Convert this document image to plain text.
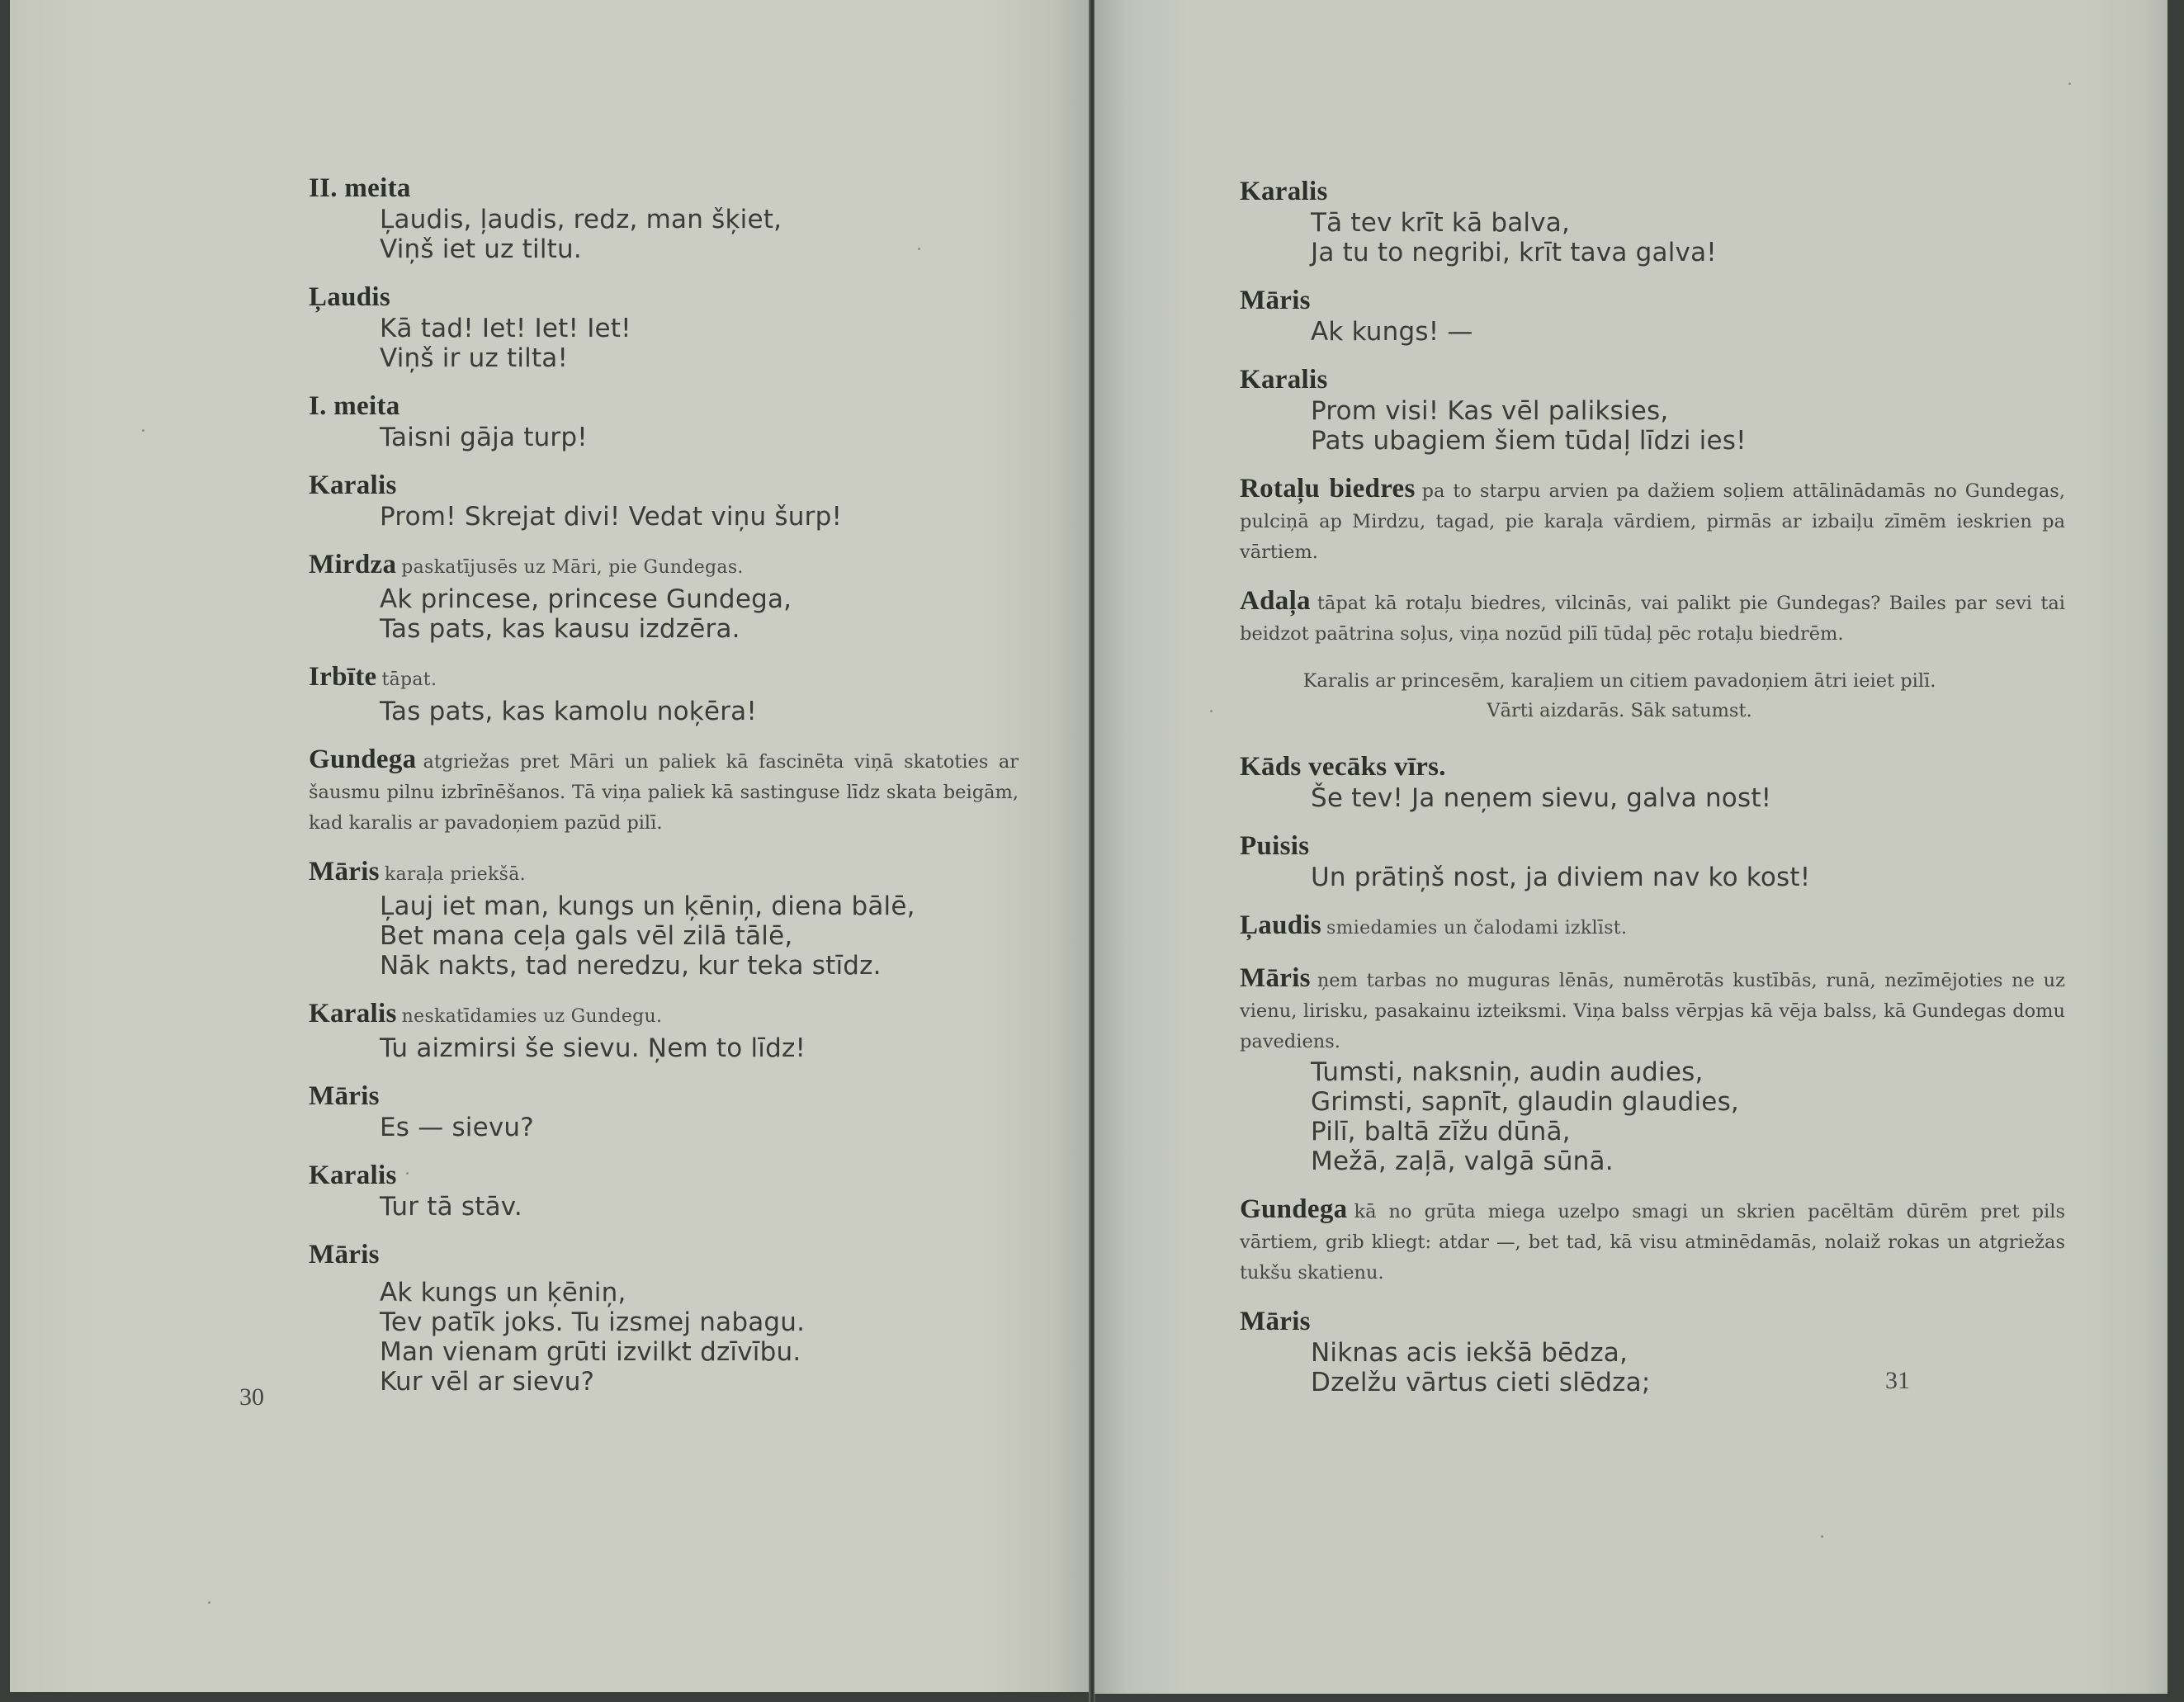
II. meita
Ļaudis, ļaudis, redz, man šķiet,
Viņš iet uz tiltu.
Ļaudis
Kā tad! Iet! Iet! Iet!
Viņš ir uz tilta!
I. meita
Taisni gāja turp!
Karalis
Prom! Skrejat divi! Vedat viņu šurp!
Mirdza paskatījusēs uz Māri, pie Gundegas.
Ak princese, princese Gundega,
Tas pats, kas kausu izdzēra.
Irbīte tāpat.
Tas pats, kas kamolu noķēra!
Gundega atgriežas pret Māri un paliek kā fascinēta viņā skatoties ar šausmu pilnu izbrīnēšanos. Tā viņa paliek kā sastinguse līdz skata beigām, kad karalis ar pavadoņiem pazūd pilī.
Māris karaļa priekšā.
Ļauj iet man, kungs un ķēniņ, diena bālē,
Bet mana ceļa gals vēl zilā tālē,
Nāk nakts, tad neredzu, kur teka stīdz.
Karalis neskatīdamies uz Gundegu.
Tu aizmirsi še sievu. Ņem to līdz!
Māris
Es — sievu?
Karalis
Tur tā stāv.
Māris
Ak kungs un ķēniņ,
Tev patīk joks. Tu izsmej nabagu.
Man vienam grūti izvilkt dzīvību.
Kur vēl ar sievu?
30
Karalis
Tā tev krīt kā balva,
Ja tu to negribi, krīt tava galva!
Māris
Ak kungs! —
Karalis
Prom visi! Kas vēl paliksies,
Pats ubagiem šiem tūdaļ līdzi ies!
Rotaļu biedres pa to starpu arvien pa dažiem soļiem attālinādamās no Gundegas, pulciņā ap Mirdzu, tagad, pie karaļa vārdiem, pirmās ar izbaiļu zīmēm ieskrien pa vārtiem.
Adaļa tāpat kā rotaļu biedres, vilcinās, vai palikt pie Gundegas? Bailes par sevi tai beidzot paātrina soļus, viņa nozūd pilī tūdaļ pēc rotaļu biedrēm.
Karalis ar princesēm, karaļiem un citiem pavadoņiem ātri ieiet pilī.
Vārti aizdarās. Sāk satumst.
Kāds vecāks vīrs.
Še tev! Ja neņem sievu, galva nost!
Puisis
Un prātiņš nost, ja diviem nav ko kost!
Ļaudis smiedamies un čalodami izklīst.
Māris ņem tarbas no muguras lēnās, numērotās kustībās, runā, nezīmējoties ne uz vienu, lirisku, pasakainu izteiksmi. Viņa balss vērpjas kā vēja balss, kā Gundegas domu pavediens.
Tumsti, naksniņ, audin audies,
Grimsti, sapnīt, glaudin glaudies,
Pilī, baltā zīžu dūnā,
Mežā, zaļā, valgā sūnā.
Gundega kā no grūta miega uzelpo smagi un skrien pacēltām dūrēm pret pils vārtiem, grib kliegt: atdar —, bet tad, kā visu atminēdamās, nolaiž rokas un atgriežas tukšu skatienu.
Māris
Niknas acis iekšā bēdza,
Dzelžu vārtus cieti slēdza;	31
